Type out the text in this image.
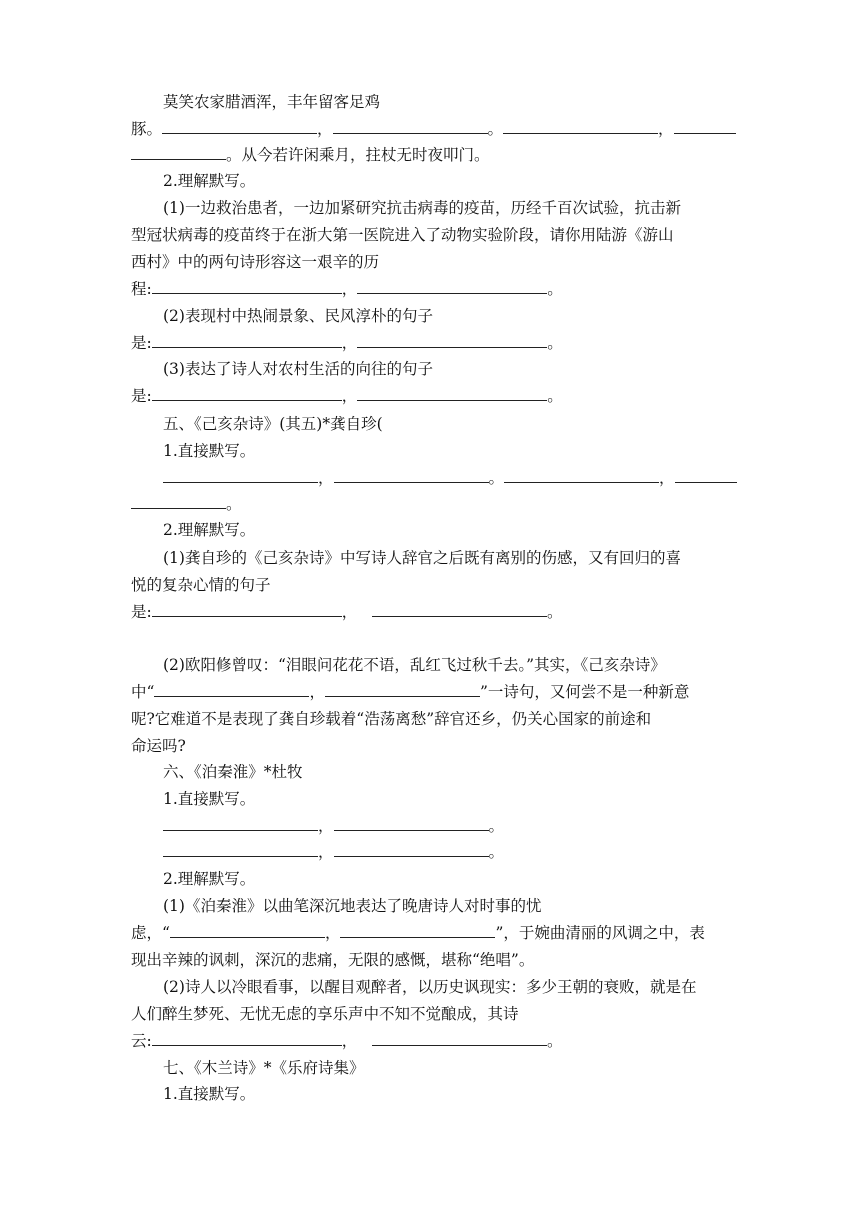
莫笑农家腊酒浑，丰年留客足鸡
豚。	，	。	，
。从今若许闲乘月，拄杖无时夜叩门。
2.理解默写。
(1)一边救治患者，一边加紧研究抗击病毒的疫苗，历经千百次试验，抗击新
型冠状病毒的疫苗终于在浙大第一医院进入了动物实验阶段，请你用陆游《游山
西村》中的两句诗形容这一艰辛的历
程:	，	。
(2)表现村中热闹景象、民风淳朴的句子
是:	，	。
(3)表达了诗人对农村生活的向往的句子
是:	，	。
五、《己亥杂诗》(其五)*龚自珍(
1.直接默写。
，	。	，
。
2.理解默写。
(1)龚自珍的《己亥杂诗》中写诗人辞官之后既有离别的伤感，又有回归的喜
悦的复杂心情的句子
是:	，	。
(2)欧阳修曾叹：“泪眼问花花不语，乱红飞过秋千去。”其实，《己亥杂诗》
中“	，	”一诗句，又何尝不是一种新意
呢?它难道不是表现了龚自珍载着“浩荡离愁”辞官还乡，仍关心国家的前途和
命运吗?
六、《泊秦淮》*杜牧
1.直接默写。
，	。
，	。
2.理解默写。
(1)《泊秦淮》以曲笔深沉地表达了晚唐诗人对时事的忧
虑，“	，	”，于婉曲清丽的风调之中，表
现出辛辣的讽刺，深沉的悲痛，无限的感慨，堪称“绝唱”。
(2)诗人以冷眼看事，以醒目观醉者，以历史讽现实：多少王朝的衰败，就是在
人们醉生梦死、无忧无虑的享乐声中不知不觉酿成，其诗
云:	，	。
七、《木兰诗》*《乐府诗集》
1.直接默写。
